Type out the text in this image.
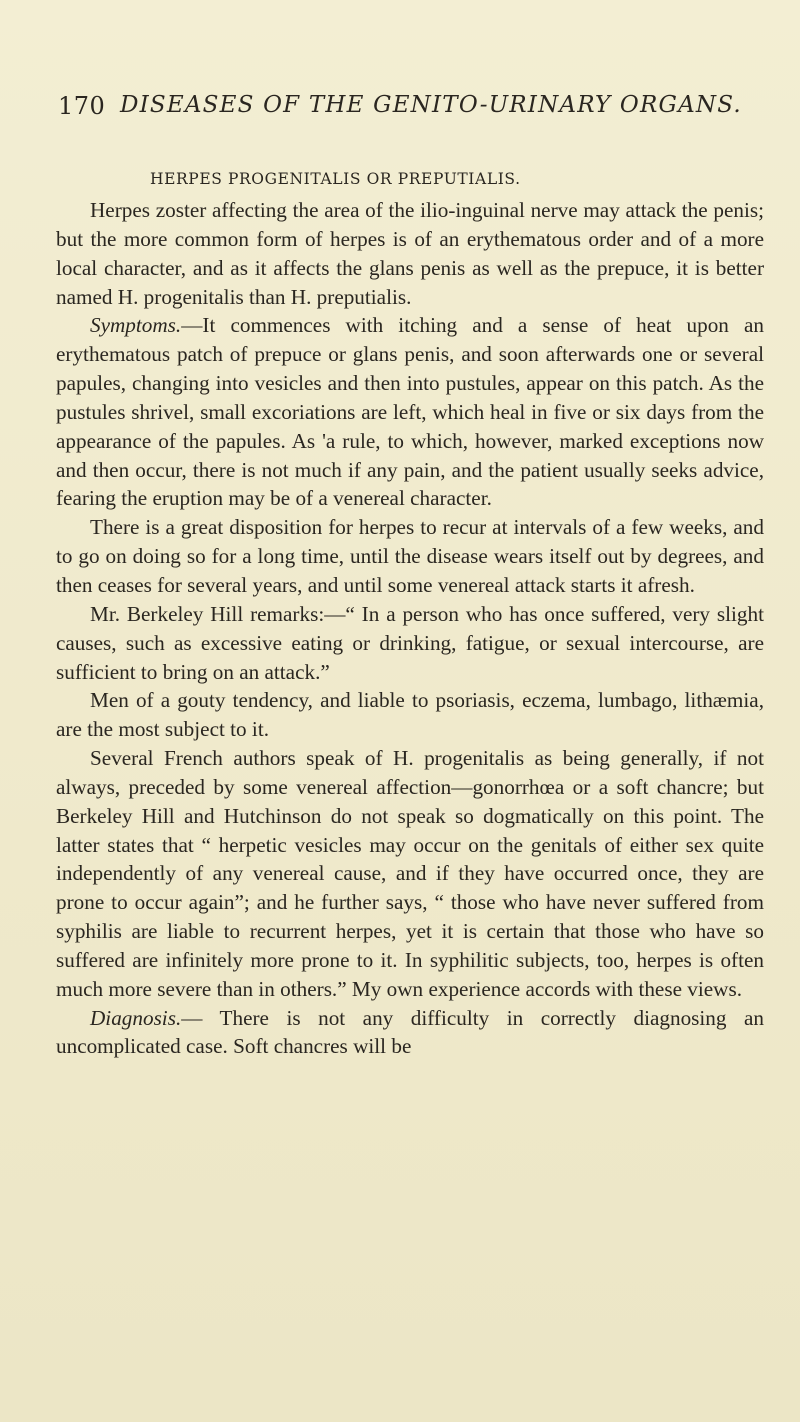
170 DISEASES OF THE GENITO-URINARY ORGANS.
HERPES PROGENITALIS OR PREPUTIALIS.

Herpes zoster affecting the area of the ilio-inguinal nerve may attack the penis; but the more common form of herpes is of an erythematous order and of a more local character, and as it affects the glans penis as well as the prepuce, it is better named H. progenitalis than H. preputialis.

Symptoms.—It commences with itching and a sense of heat upon an erythematous patch of prepuce or glans penis, and soon afterwards one or several papules, changing into vesicles and then into pustules, appear on this patch. As the pustules shrivel, small excoriations are left, which heal in five or six days from the appearance of the papules. As 'a rule, to which, however, marked exceptions now and then occur, there is not much if any pain, and the patient usually seeks advice, fearing the eruption may be of a venereal character.

There is a great disposition for herpes to recur at intervals of a few weeks, and to go on doing so for a long time, until the disease wears itself out by degrees, and then ceases for several years, and until some venereal attack starts it afresh.

Mr. Berkeley Hill remarks:—“ In a person who has once suffered, very slight causes, such as excessive eating or drinking, fatigue, or sexual intercourse, are sufficient to bring on an attack.”

Men of a gouty tendency, and liable to psoriasis, eczema, lumbago, lithæmia, are the most subject to it.

Several French authors speak of H. progenitalis as being generally, if not always, preceded by some venereal affection—gonorrhœa or a soft chancre; but Berkeley Hill and Hutchinson do not speak so dogmatically on this point. The latter states that “ herpetic vesicles may occur on the genitals of either sex quite independently of any venereal cause, and if they have occurred once, they are prone to occur again”; and he further says, “ those who have never suffered from syphilis are liable to recurrent herpes, yet it is certain that those who have so suffered are infinitely more prone to it. In syphilitic subjects, too, herpes is often much more severe than in others.” My own experience accords with these views.

Diagnosis.— There is not any difficulty in correctly diagnosing an uncomplicated case. Soft chancres will be
